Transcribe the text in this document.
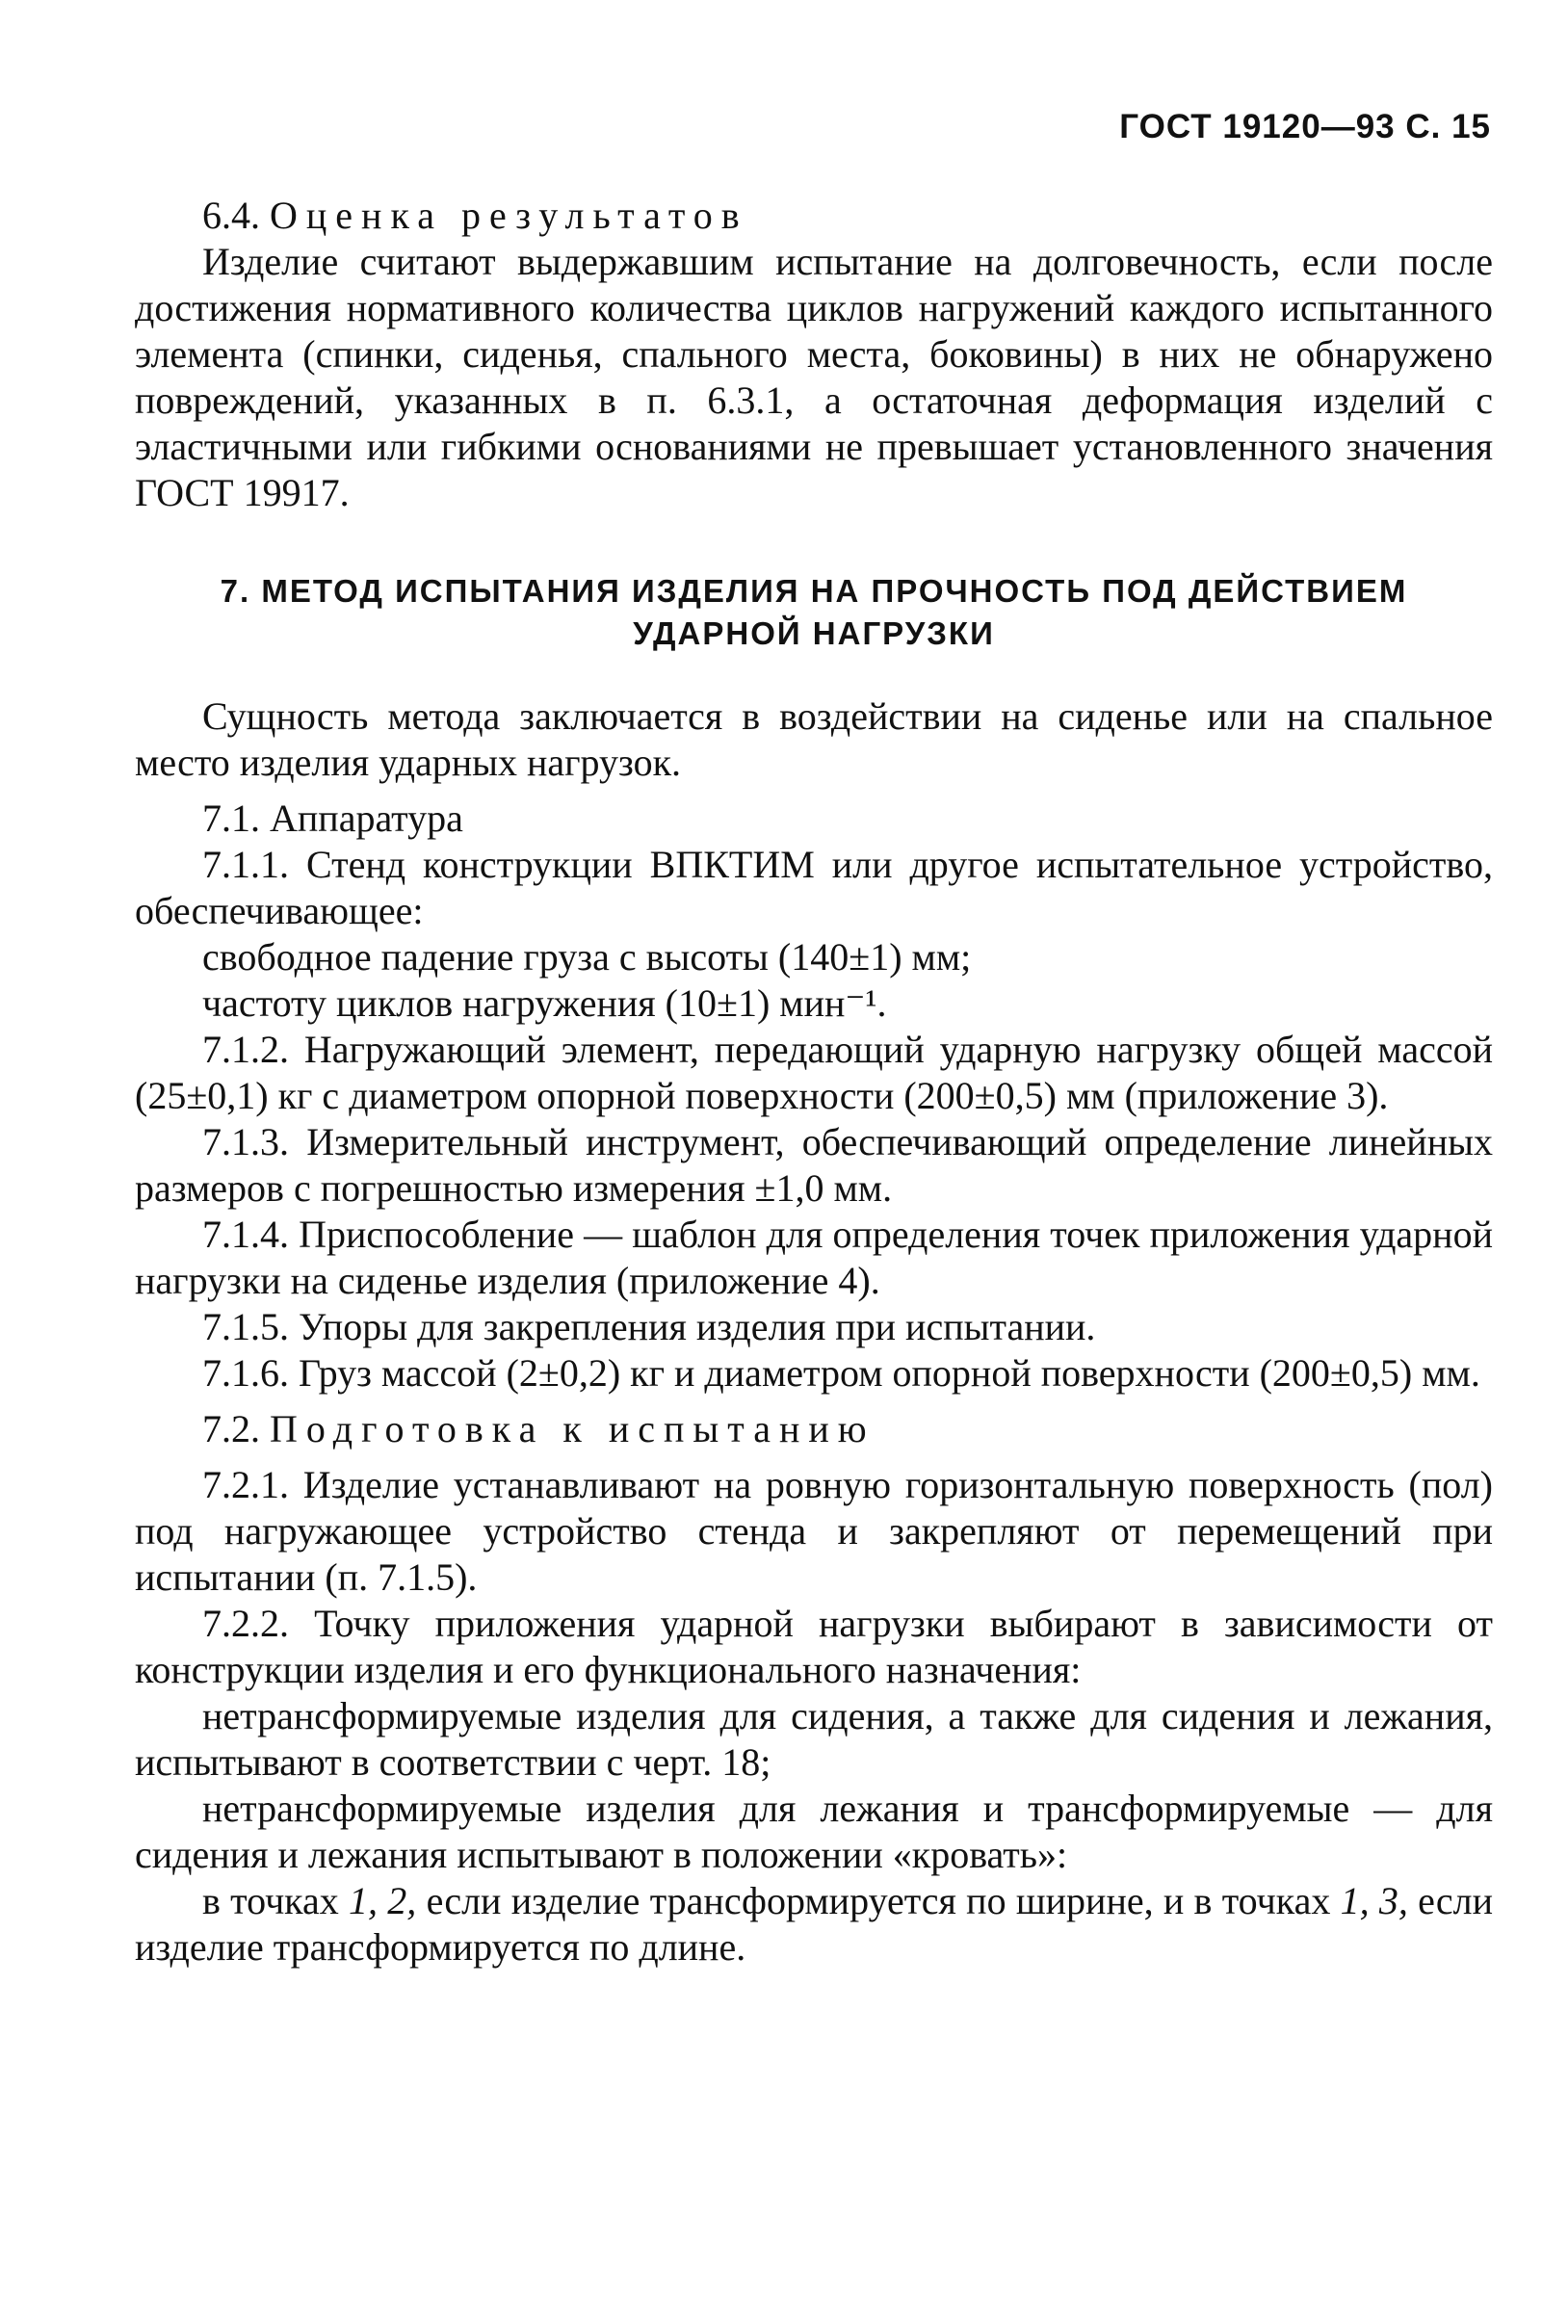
ГОСТ 19120—93 С. 15

6.4. Оценка результатов

Изделие считают выдержавшим испытание на долговечность, если после достижения нормативного количества циклов нагружений каждого испытанного элемента (спинки, сиденья, спального места, боковины) в них не обнаружено повреждений, указанных в п. 6.3.1, а остаточная деформация изделий с эластичными или гибкими основаниями не превышает установленного значения ГОСТ 19917.

7. МЕТОД ИСПЫТАНИЯ ИЗДЕЛИЯ НА ПРОЧНОСТЬ ПОД ДЕЙСТВИЕМ
УДАРНОЙ НАГРУЗКИ

Сущность метода заключается в воздействии на сиденье или на спальное место изделия ударных нагрузок.

7.1. Аппаратура

7.1.1. Стенд конструкции ВПКТИМ или другое испытательное устройство, обеспечивающее:

свободное падение груза с высоты (140±1) мм;

частоту циклов нагружения (10±1) мин⁻¹.

7.1.2. Нагружающий элемент, передающий ударную нагрузку общей массой (25±0,1) кг с диаметром опорной поверхности (200±0,5) мм (приложение 3).

7.1.3. Измерительный инструмент, обеспечивающий определение линейных размеров с погрешностью измерения ±1,0 мм.

7.1.4. Приспособление — шаблон для определения точек приложения ударной нагрузки на сиденье изделия (приложение 4).

7.1.5. Упоры для закрепления изделия при испытании.

7.1.6. Груз массой (2±0,2) кг и диаметром опорной поверхности (200±0,5) мм.

7.2. Подготовка к испытанию

7.2.1. Изделие устанавливают на ровную горизонтальную поверхность (пол) под нагружающее устройство стенда и закрепляют от перемещений при испытании (п. 7.1.5).

7.2.2. Точку приложения ударной нагрузки выбирают в зависимости от конструкции изделия и его функционального назначения:

нетрансформируемые изделия для сидения, а также для сидения и лежания, испытывают в соответствии с черт. 18;

нетрансформируемые изделия для лежания и трансформируемые — для сидения и лежания испытывают в положении «кровать»:

в точках 1, 2, если изделие трансформируется по ширине, и в точках 1, 3, если изделие трансформируется по длине.
